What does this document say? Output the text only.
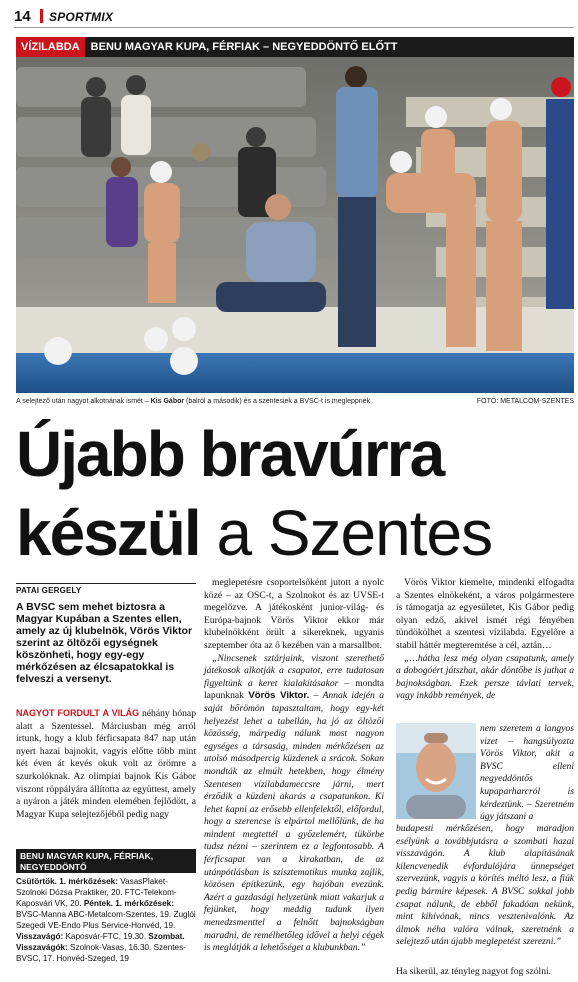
14 SPORTMIX
VÍZILABDA	BENU MAGYAR KUPA, FÉRFIAK – NEGYEDDÖNTŐ ELŐTT
A selejtező után nagyot alkotnának ismét – Kis Gábor (balról a második) és a szentesiek a BVSC-t is megleppnék	FOTÓ: METALCOM-SZENTES
Újabb bravúrra
készül a Szentes
PATAI GERGELY

A BVSC sem mehet biztosra a Magyar Kupában a Szentes ellen, amely az új klubelnök, Vörös Viktor szerint az öltözői egységnek köszönheti, hogy egy-egy mérkőzésen az élcsapatokkal is felveszi a versenyt.

NAGYOT FORDULT A VILÁG néhány hónap alatt a Szentessel. Márciusban még arról írtunk, hogy a klub férficsapata 847 nap után nyert hazai bajnokit, vagyis előtte több mint két éven át kevés okuk volt az örömre a szurkolóknak. Az olimpiai bajnok Kis Gábor viszont röppályára állította az együttest, amely a nyáron a játék minden elemében fejlődött, a Magyar Kupa selejtezőjéből pedig nagy
BENU MAGYAR KUPA, FÉRFIAK, NEGYEDDÖNTŐ
Csütörtök. 1. mérkőzések: VasasPlaket-Szolnoki Dózsa Praktiker, 20. FTC-Telekom-Kaposvári VK, 20. Péntek. 1. mérkőzések: BVSC-Manna ABC-Metalcom-Szentes, 19. Zuglói Szegedi VE-Endo Plus Service-Honvéd, 19. Visszavágó: Kaposvár-FTC, 19.30. Szombat. Visszavágók: Szolnok-Vasas, 16.30. Szentes-BVSC, 17. Honvéd-Szeged, 19

meglepetésre csoportelsőként jutott a nyolc közé – az OSC-t, a Szolnokot és az UVSE-t megelőzve. A játékosként junior-világ- és Európa-bajnok Vörös Viktor ekkor már klubelnökként örült a sikereknek, ugyanis szeptember óta az ő kezében van a marsallbot.

„Nincsenek sztárjaink, viszont szerethető játékosok alkotják a csapatot, erre tudatosan figyeltünk a keret kialakításakor – mondta lapunknak Vörös Viktor. – Annak idején a saját bőrömön tapasztaltam, hogy egy-két helyezést lehet a tabellán, ha jó az öltözői közösség, márpedig nálunk most nagyon egységes a társaság, minden mérkőzésen az utolsó másodpercig küzdenek a srácok. Sokan mondták az elmúlt hetekben, hogy élmény Szentesen vízilabdameccsre járni, mert érződik a küzdeni akarás a csapatunkon. Ki lehet kapni az erősebb ellenfelektől, előfordul, hogy a szerencse is elpártol mellőlünk, de ha mindent megtettél a győzelemért, tükörbe tudsz nézni – szerintem ez a legfontosabb. A férficsapat van a kirakatban, de az utánpótlásban is szisztematikus munka zajlik, közösen építkezünk, egy hajóban evezünk. Azért a gazdasági helyzetünk miatt vakarjuk a fejünket, hogy meddig tudunk ilyen menedzsmenttel a felnőtt bajnokságban maradni, de remélhetőleg idővel a helyi cégek is meglátják a lehetőséget a klubunkban.”

Vörös Viktor kiemelte, mindenki elfogadta a Szentes elnökeként, a város polgármestere is támogatja az egyesületet, Kis Gábor pedig olyan edző, akivel ismét régi fényében tündökölhet a szentesi vízilabda. Egyelőre a stabil háttér megteremtése a cél, aztán…

„…hátha lesz még olyan csapatunk, amely a dobogóért játszhat, akár döntőbe is juthat a bajnokságban. Ezek persze távlati tervek, vagy inkább remények, de

nem szeretem a langyos vizet – hangsúlyozta Vörös Viktor, akit a BVSC elleni negyeddöntős kupaparharcról is kérdeztünk. – Szeretném úgy játszani a
budapesti mérkőzésen, hogy maradjon esélyünk a továbbjutásra a szombati hazai visszavágón. A klub alapításának kilencvenedik évfordulójára ünnepséget szervezünk, vagyis a körítés méltó lesz, a fiúk pedig bármire képesek. A BVSC sokkal jobb csapat nálunk, de ebből fakadóan nekünk, mint kihívónak, nincs vesztenivalónk. Az álmok néha valóra válnak, szeretnénk a selejtező után újabb meglepetést szerezni.”
Ha sikerül, az tényleg nagyot fog szólni.
